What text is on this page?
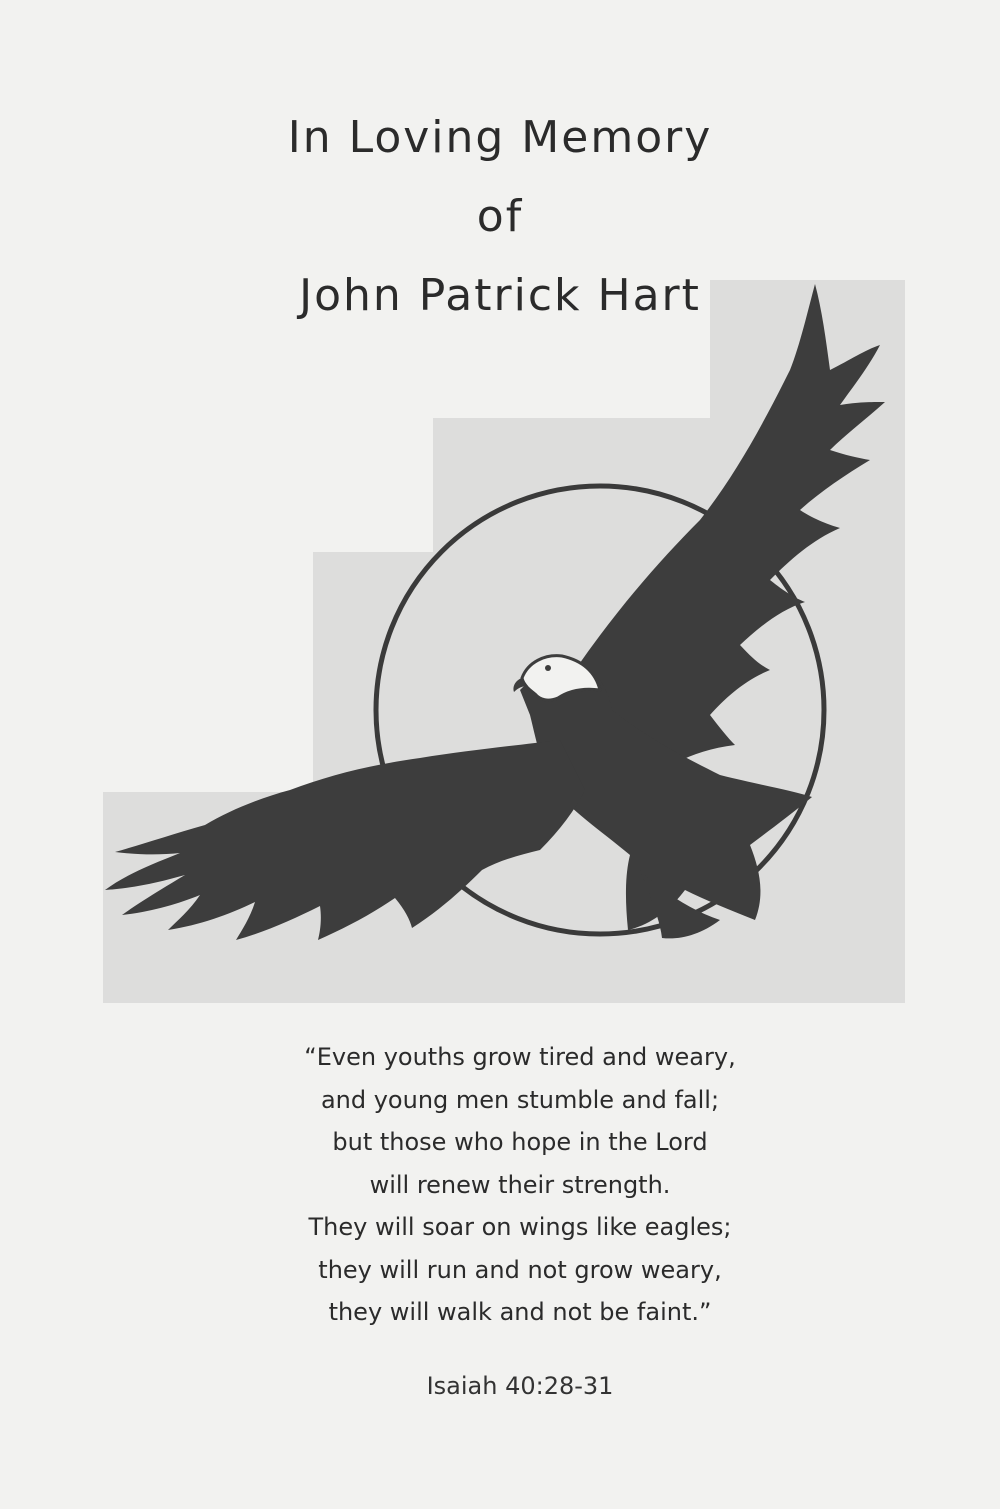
In Loving Memory
of
John Patrick Hart
“Even youths grow tired and weary,
and young men stumble and fall;
but those who hope in the Lord
will renew their strength.
They will soar on wings like eagles;
they will run and not grow weary,
they will walk and not be faint.”
Isaiah 40:28-31
